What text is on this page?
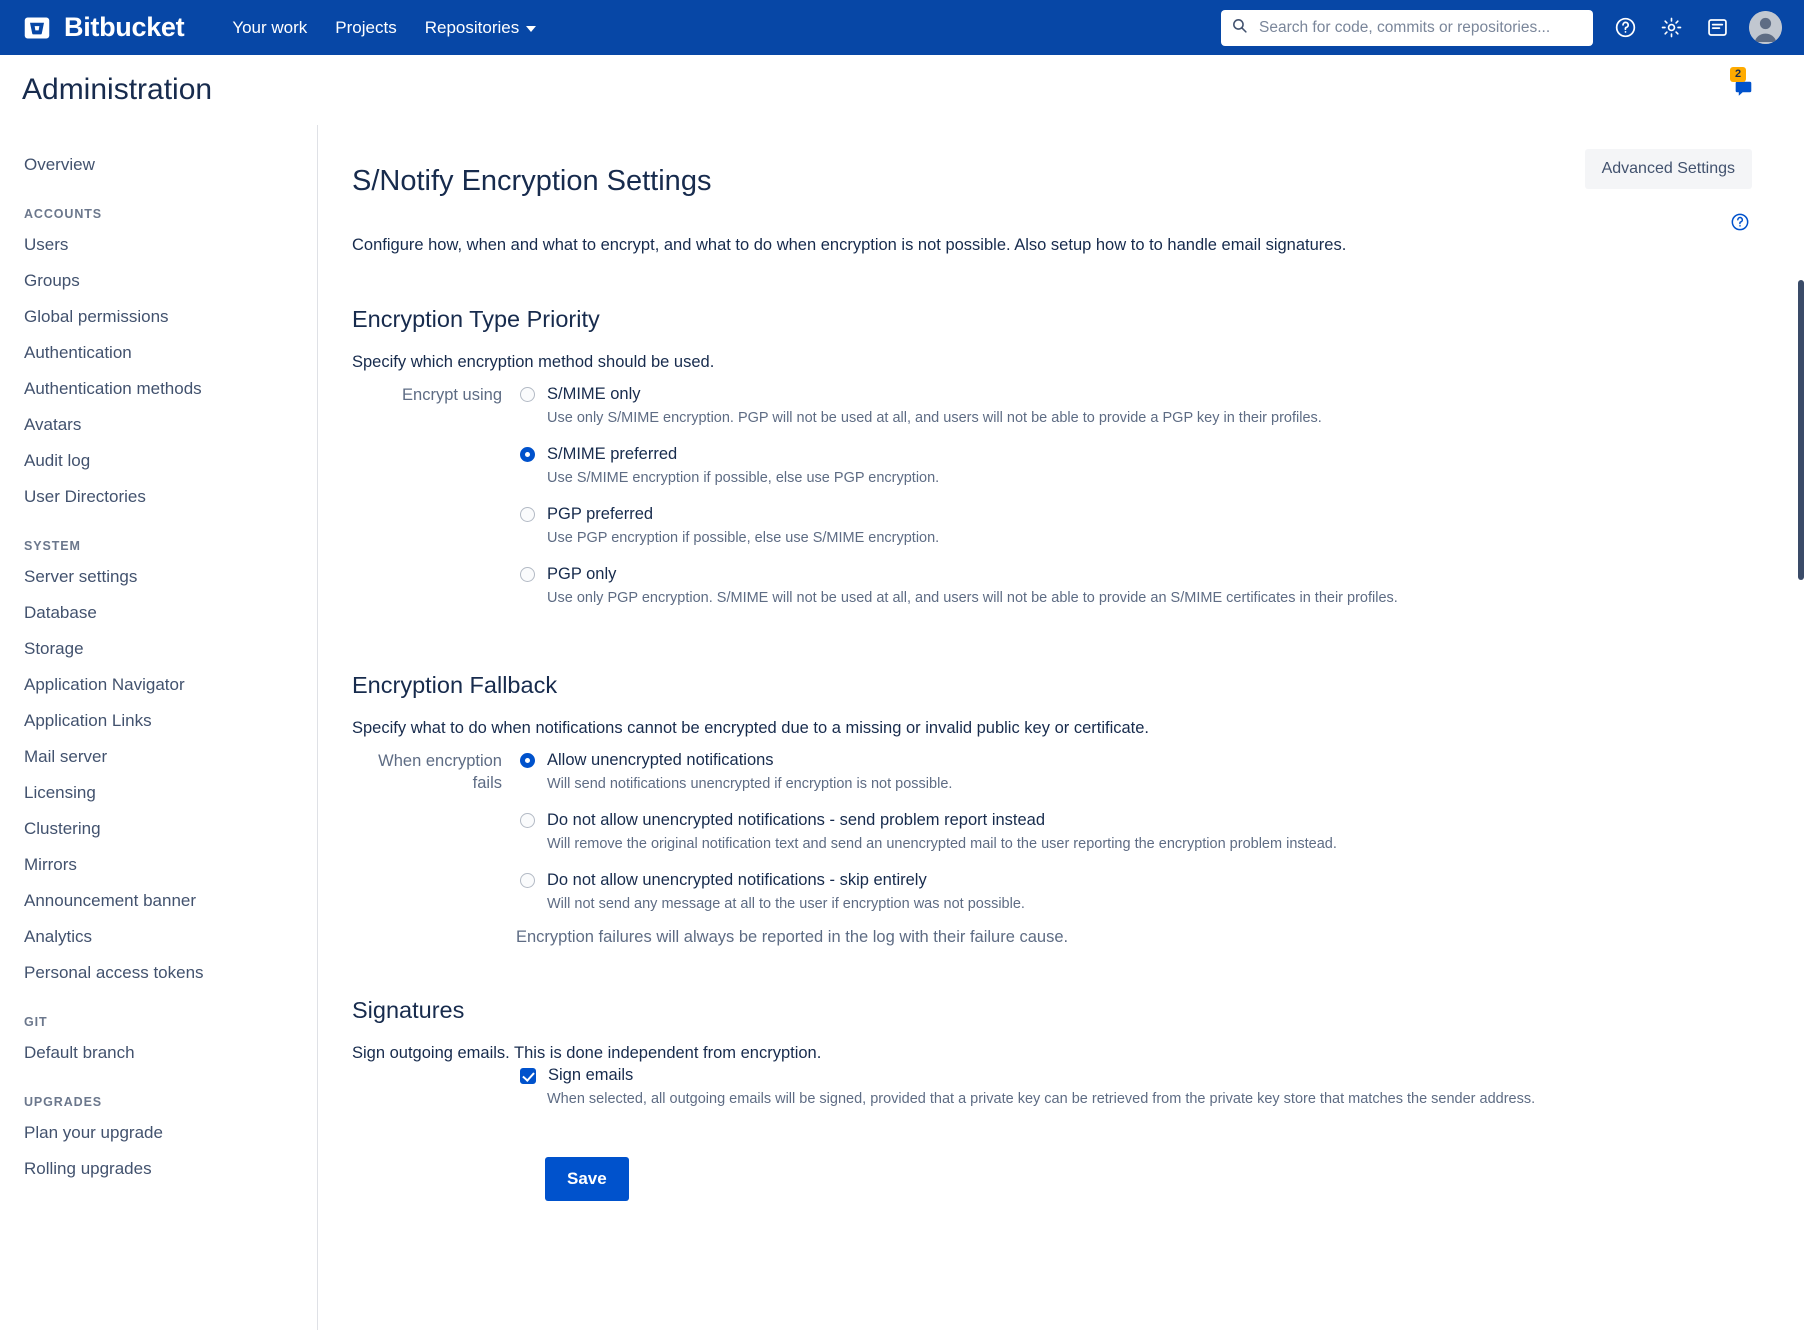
Bitbucket	Your work Projects Repositories
Search for code, commits or repositories...
Administration	2
Overview
ACCOUNTS
Users
Groups
Global permissions
Authentication
Authentication methods
Avatars
Audit log
User Directories
SYSTEM
Server settings
Database
Storage
Application Navigator
Application Links
Mail server
Licensing
Clustering
Mirrors
Announcement banner
Analytics
Personal access tokens
GIT
Default branch
UPGRADES
Plan your upgrade
Rolling upgrades
S/Notify Encryption Settings	Advanced Settings

Configure how, when and what to encrypt, and what to do when encryption is not possible. Also setup how to to handle email signatures.

Encryption Type Priority

Specify which encryption method should be used.

Encrypt using	S/MIME only
Use only S/MIME encryption. PGP will not be used at all, and users will not be able to provide a PGP key in their profiles.
S/MIME preferred
Use S/MIME encryption if possible, else use PGP encryption.
PGP preferred
Use PGP encryption if possible, else use S/MIME encryption.
PGP only
Use only PGP encryption. S/MIME will not be used at all, and users will not be able to provide an S/MIME certificates in their profiles.
Encryption Fallback

Specify what to do when notifications cannot be encrypted due to a missing or invalid public key or certificate.

When encryption fails
Allow unencrypted notifications
Will send notifications unencrypted if encryption is not possible.
Do not allow unencrypted notifications - send problem report instead
Will remove the original notification text and send an unencrypted mail to the user reporting the encryption problem instead.
Do not allow unencrypted notifications - skip entirely
Will not send any message at all to the user if encryption was not possible.
Encryption failures will always be reported in the log with their failure cause.
Signatures

Sign outgoing emails. This is done independent from encryption.

Sign emails
When selected, all outgoing emails will be signed, provided that a private key can be retrieved from the private key store that matches the sender address.
Save
